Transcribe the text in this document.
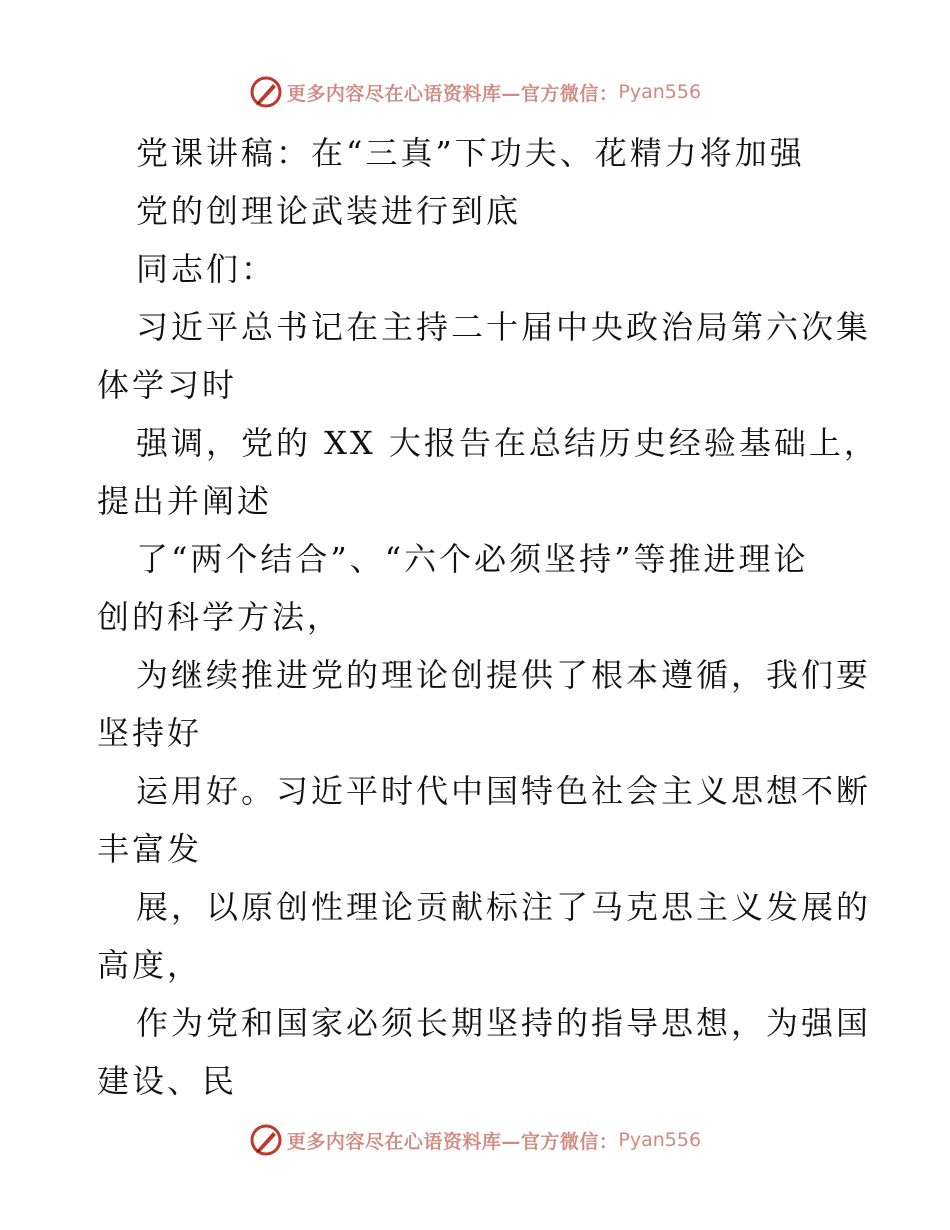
更多内容尽在心语资料库—官方微信： Pyan556
党课讲稿：在“三真”下功夫、花精力将加强
党的创理论武装进行到底
同志们：
习近平总书记在主持二十届中央政治局第六次集
体学习时
强调，党的 XX 大报告在总结历史经验基础上，
提出并阐述
了“两个结合”、“六个必须坚持”等推进理论
创的科学方法，
为继续推进党的理论创提供了根本遵循，我们要
坚持好
运用好。习近平时代中国特色社会主义思想不断
丰富发
展，以原创性理论贡献标注了马克思主义发展的
高度，
作为党和国家必须长期坚持的指导思想，为强国
建设、民
更多内容尽在心语资料库—官方微信： Pyan556
